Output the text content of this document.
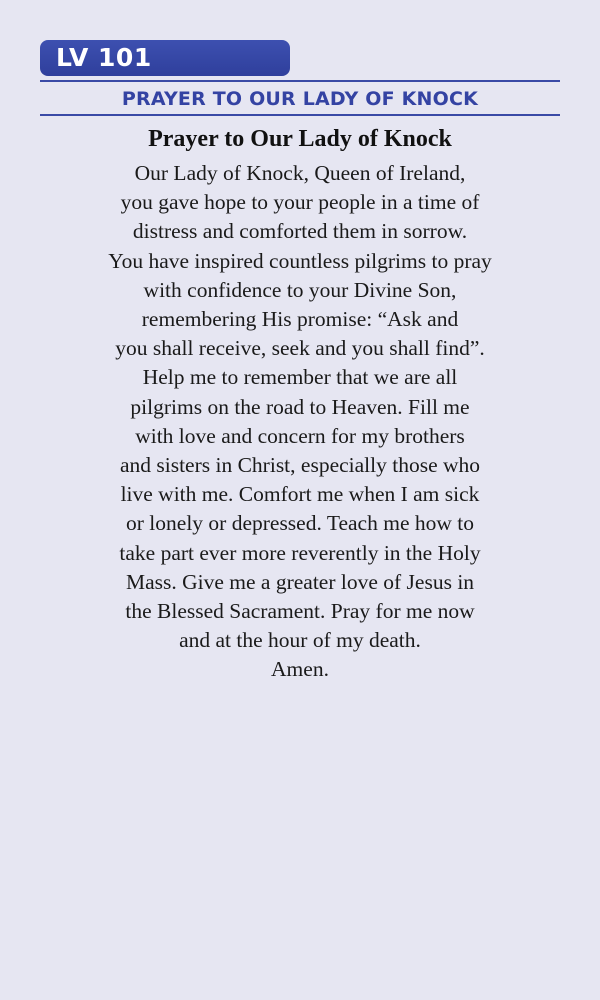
LV 101
PRAYER TO OUR LADY OF KNOCK
Prayer to Our Lady of Knock
Our Lady of Knock, Queen of Ireland,
you gave hope to your people in a time of
distress and comforted them in sorrow.
You have inspired countless pilgrims to pray
with confidence to your Divine Son,
remembering His promise: “Ask and
you shall receive, seek and you shall find”.
Help me to remember that we are all
pilgrims on the road to Heaven. Fill me
with love and concern for my brothers
and sisters in Christ, especially those who
live with me. Comfort me when I am sick
or lonely or depressed. Teach me how to
take part ever more reverently in the Holy
Mass. Give me a greater love of Jesus in
the Blessed Sacrament. Pray for me now
and at the hour of my death.
Amen.
